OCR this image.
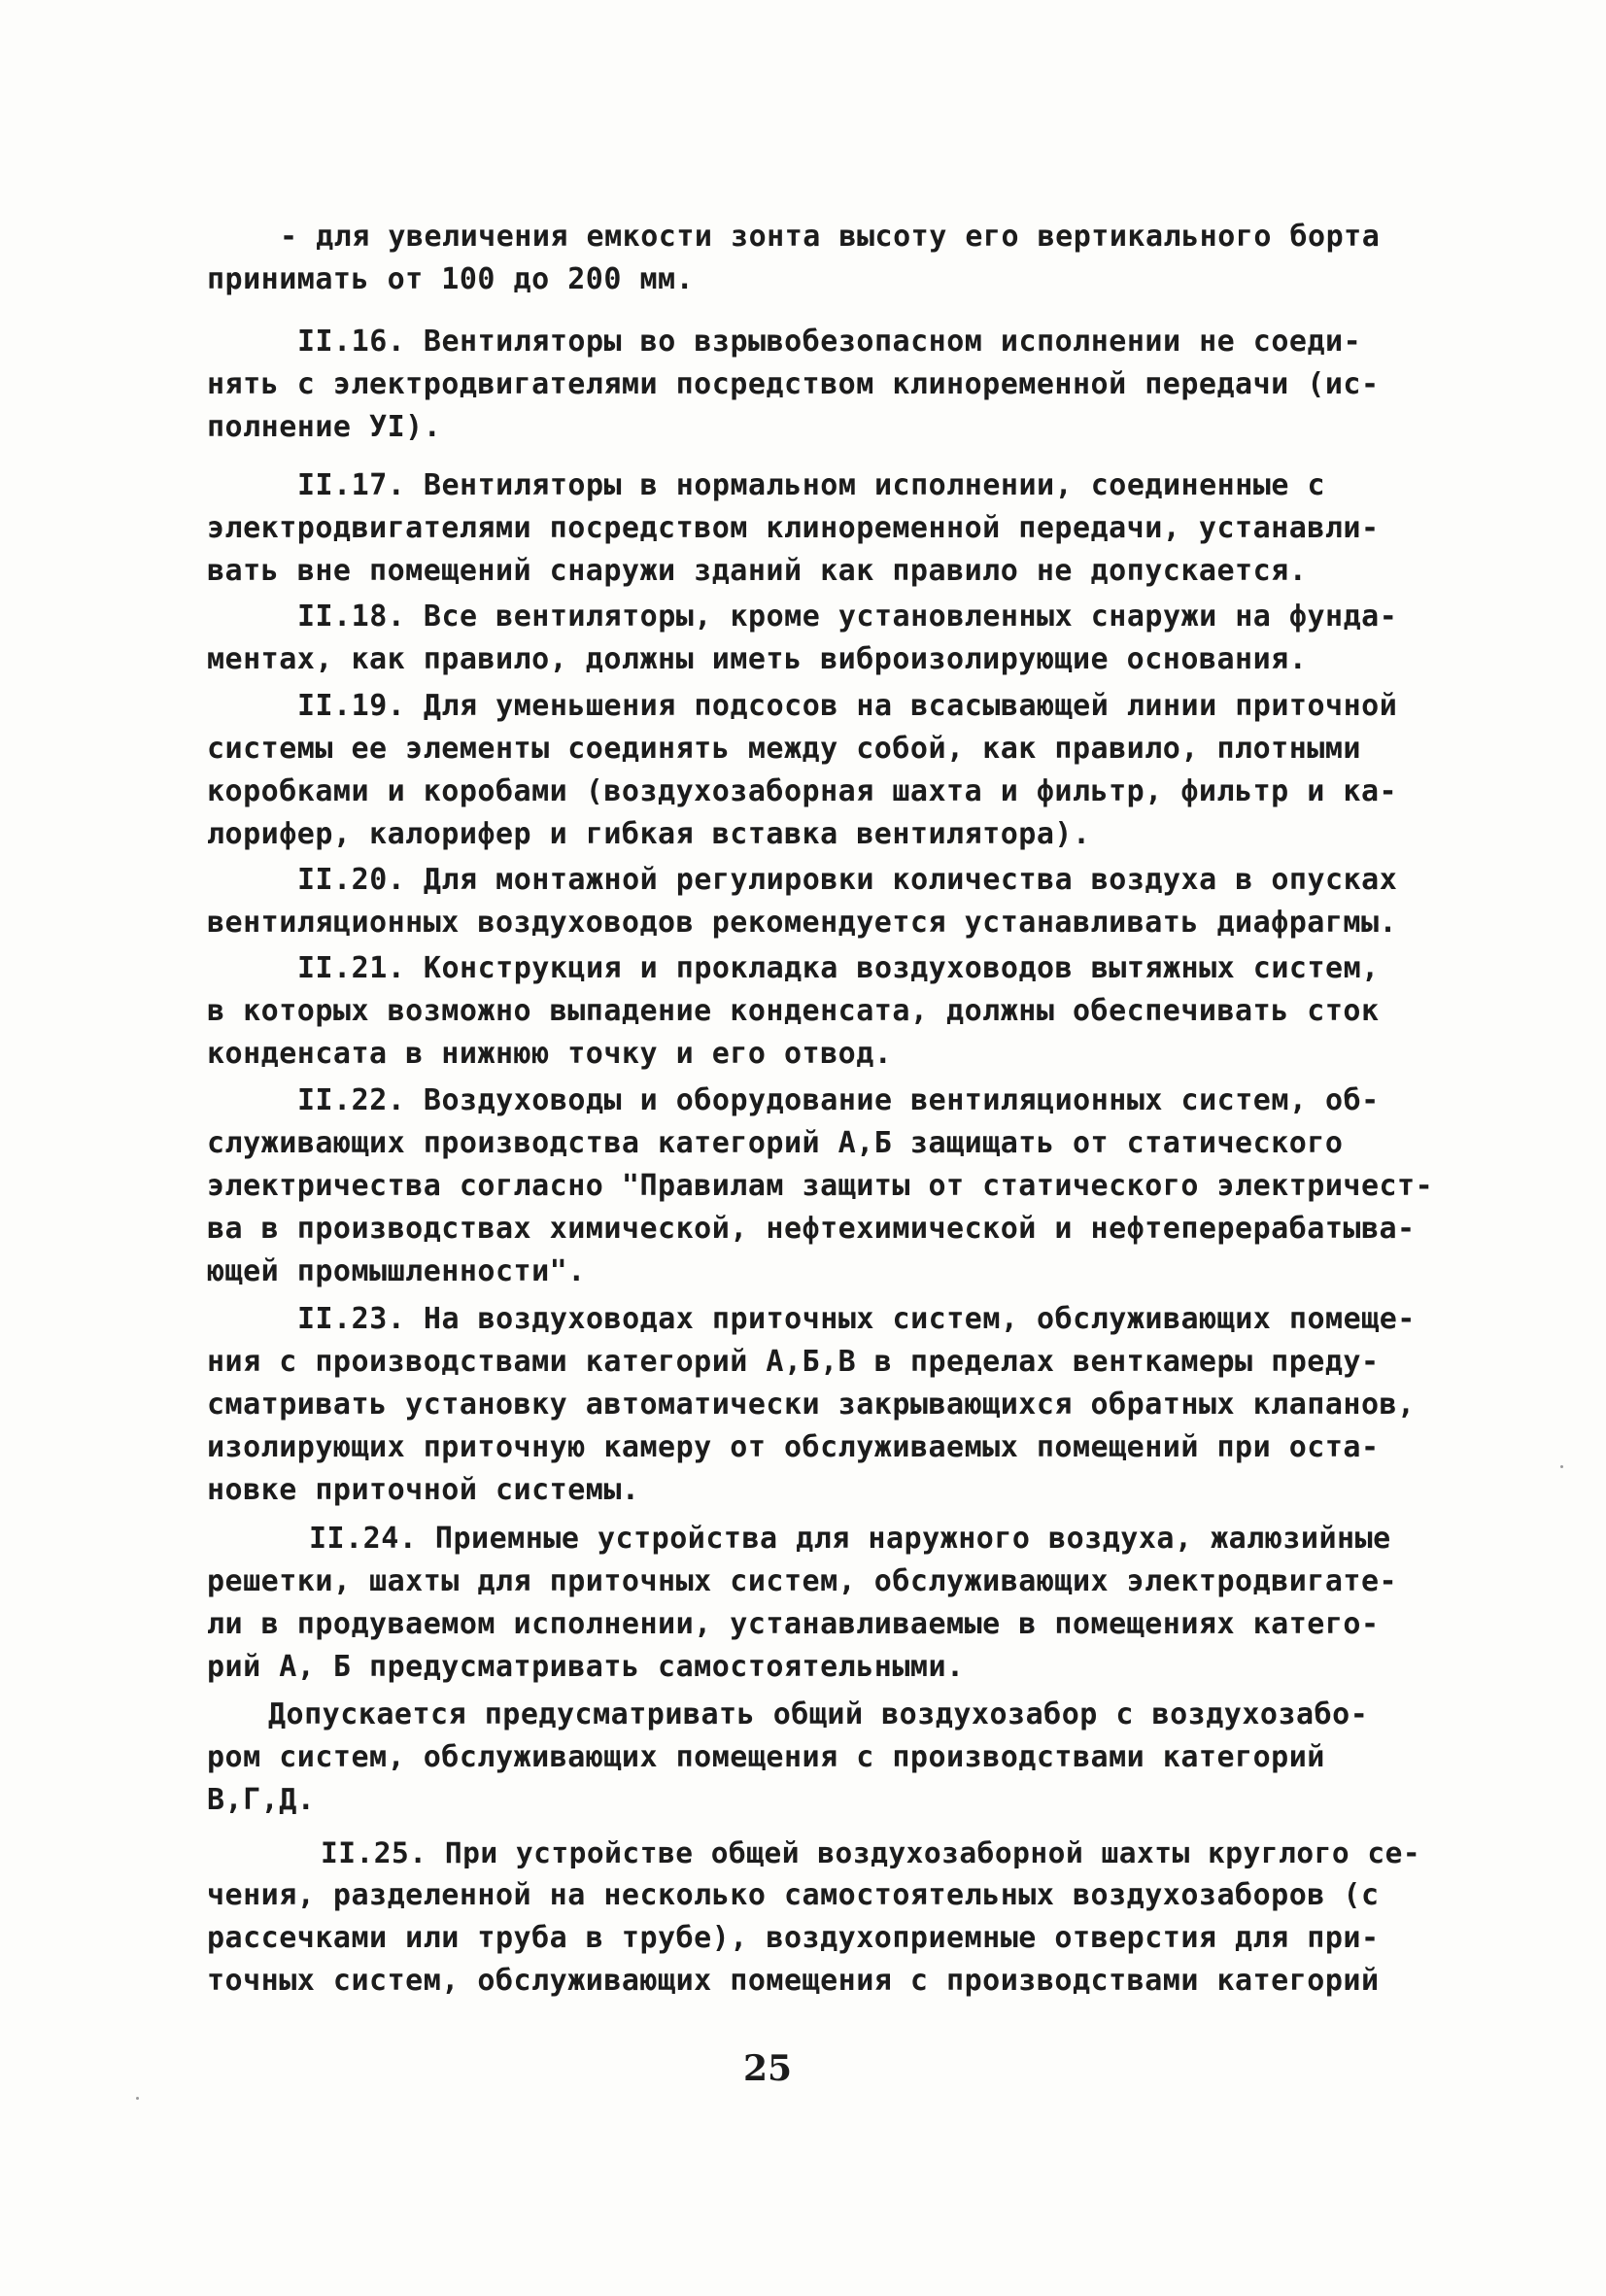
- для увеличения емкости зонта высоту его вертикального борта
принимать от 100 до 200 мм.
II.16. Вентиляторы во взрывобезопасном исполнении не соеди-
нять с электродвигателями посредством клиноременной передачи (ис-
полнение УI).
II.17. Вентиляторы в нормальном исполнении, соединенные с
электродвигателями посредством клиноременной передачи, устанавли-
вать вне помещений снаружи зданий как правило не допускается.
II.18. Все вентиляторы, кроме установленных снаружи на фунда-
ментах, как правило, должны иметь виброизолирующие основания.
II.19. Для уменьшения подсосов на всасывающей линии приточной
системы ее элементы соединять между собой, как правило, плотными
коробками и коробами (воздухозаборная шахта и фильтр, фильтр и ка-
лорифер, калорифер и гибкая вставка вентилятора).
II.20. Для монтажной регулировки количества воздуха в опусках
вентиляционных воздуховодов рекомендуется устанавливать диафрагмы.
II.21. Конструкция и прокладка воздуховодов вытяжных систем,
в которых возможно выпадение конденсата, должны обеспечивать сток
конденсата в нижнюю точку и его отвод.
II.22. Воздуховоды и оборудование вентиляционных систем, об-
служивающих производства категорий А,Б защищать от статического
электричества согласно "Правилам защиты от статического электричест-
ва в производствах химической, нефтехимической и нефтеперерабатыва-
ющей промышленности".
II.23. На воздуховодах приточных систем, обслуживающих помеще-
ния с производствами категорий А,Б,В в пределах венткамеры преду-
сматривать установку автоматически закрывающихся обратных клапанов,
изолирующих приточную камеру от обслуживаемых помещений при оста-
новке приточной системы.
II.24. Приемные устройства для наружного воздуха, жалюзийные
решетки, шахты для приточных систем, обслуживающих электродвигате-
ли в продуваемом исполнении, устанавливаемые в помещениях катего-
рий А, Б предусматривать самостоятельными.
Допускается предусматривать общий воздухозабор с воздухозабо-
ром систем, обслуживающих помещения с производствами категорий
В,Г,Д.
II.25. При устройстве общей воздухозаборной шахты круглого се-
чения, разделенной на несколько самостоятельных воздухозаборов (с
рассечками или труба в трубе), воздухоприемные отверстия для при-
точных систем, обслуживающих помещения с производствами категорий
25
